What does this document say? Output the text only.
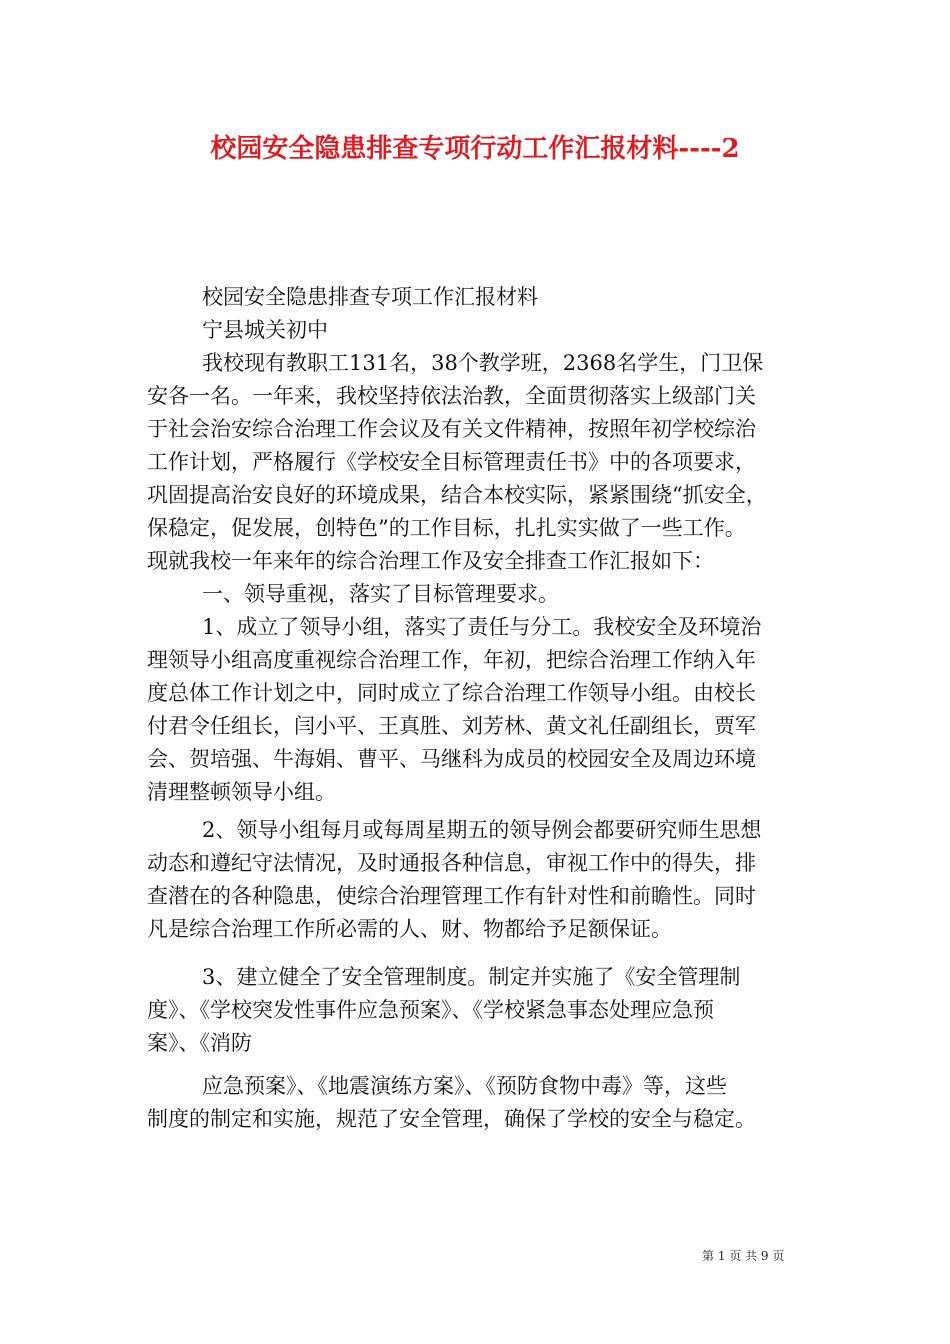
校园安全隐患排查专项行动工作汇报材料----2
校园安全隐患排查专项工作汇报材料
宁县城关初中
我校现有教职工131名，38个教学班，2368名学生，门卫保
安各一名。一年来，我校坚持依法治教，全面贯彻落实上级部门关
于社会治安综合治理工作会议及有关文件精神，按照年初学校综治
工作计划，严格履行《学校安全目标管理责任书》中的各项要求，
巩固提高治安良好的环境成果，结合本校实际，紧紧围绕“抓安全，
保稳定，促发展，创特色”的工作目标，扎扎实实做了一些工作。
现就我校一年来年的综合治理工作及安全排查工作汇报如下：
一、领导重视，落实了目标管理要求。
1、成立了领导小组，落实了责任与分工。我校安全及环境治
理领导小组高度重视综合治理工作，年初，把综合治理工作纳入年
度总体工作计划之中，同时成立了综合治理工作领导小组。由校长
付君令任组长，闫小平、王真胜、刘芳林、黄文礼任副组长，贾军
会、贺培强、牛海娟、曹平、马继科为成员的校园安全及周边环境
清理整顿领导小组。
2、领导小组每月或每周星期五的领导例会都要研究师生思想
动态和遵纪守法情况，及时通报各种信息，审视工作中的得失，排
查潜在的各种隐患，使综合治理管理工作有针对性和前瞻性。同时
凡是综合治理工作所必需的人、财、物都给予足额保证。
3、建立健全了安全管理制度。制定并实施了《安全管理制
度》、《学校突发性事件应急预案》、《学校紧急事态处理应急预
案》、《消防
应急预案》、《地震演练方案》、《预防食物中毒》等，这些
制度的制定和实施，规范了安全管理，确保了学校的安全与稳定。
第 1 页 共 9 页
